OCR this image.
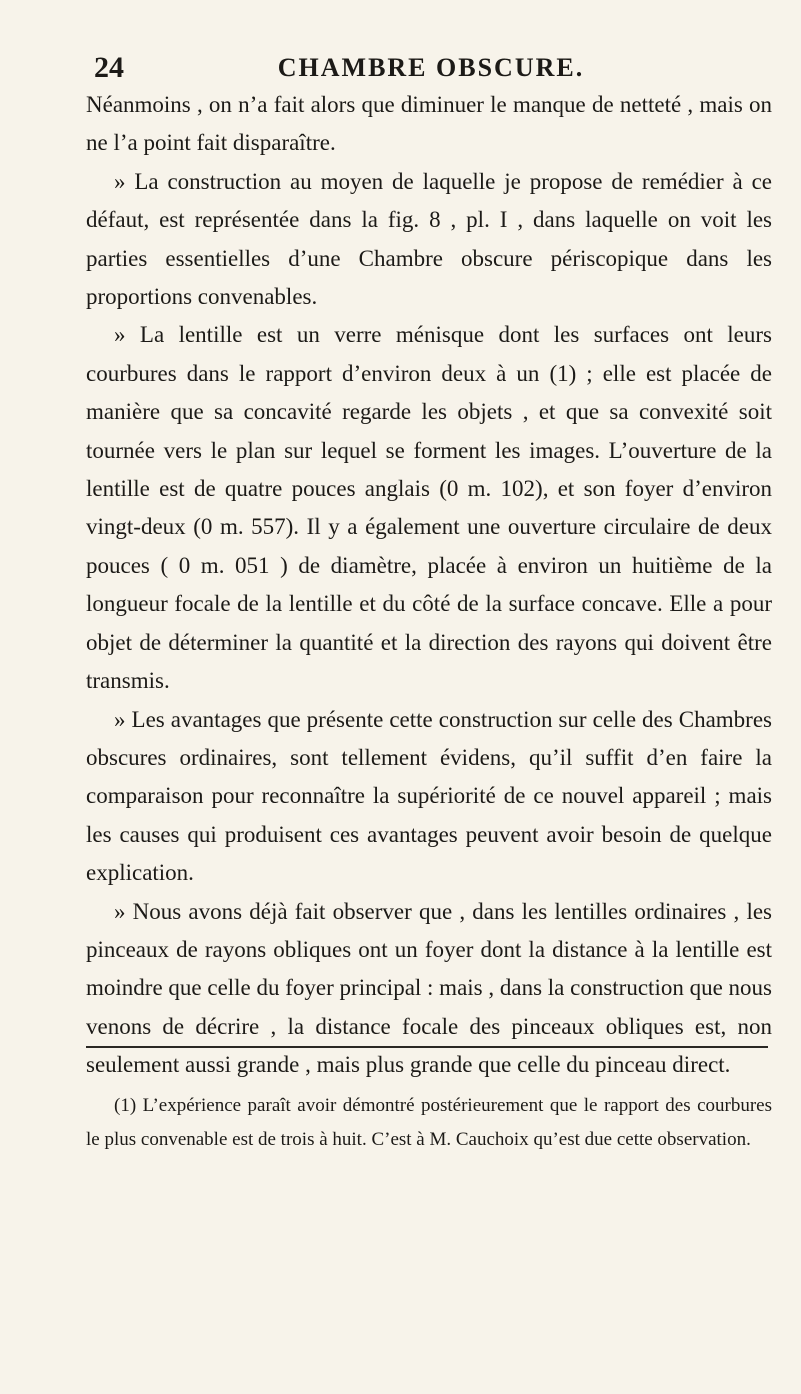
24	CHAMBRE OBSCURE.

Néanmoins , on n’a fait alors que diminuer le manque de netteté , mais on ne l’a point fait disparaître.

» La construction au moyen de laquelle je propose de remédier à ce défaut, est représentée dans la fig. 8 , pl. I , dans laquelle on voit les parties essentielles d’une Chambre obscure périscopique dans les proportions convenables.

» La lentille est un verre ménisque dont les surfaces ont leurs courbures dans le rapport d’environ deux à un (1) ; elle est placée de manière que sa concavité regarde les objets , et que sa convexité soit tournée vers le plan sur lequel se forment les images. L’ouverture de la lentille est de quatre pouces anglais (0 m. 102), et son foyer d’environ vingt-deux (0 m. 557). Il y a également une ouverture circulaire de deux pouces ( 0 m. 051 ) de diamètre, placée à environ un huitième de la longueur focale de la lentille et du côté de la surface concave. Elle a pour objet de déterminer la quantité et la direction des rayons qui doivent être transmis.

» Les avantages que présente cette construction sur celle des Chambres obscures ordinaires, sont tellement évidens, qu’il suffit d’en faire la comparaison pour reconnaître la supériorité de ce nouvel appareil ; mais les causes qui produisent ces avantages peuvent avoir besoin de quelque explication.

» Nous avons déjà fait observer que , dans les lentilles ordinaires , les pinceaux de rayons obliques ont un foyer dont la distance à la lentille est moindre que celle du foyer principal : mais , dans la construction que nous venons de décrire , la distance focale des pinceaux obliques est, non seulement aussi grande , mais plus grande que celle du pinceau direct.

(1) L’expérience paraît avoir démontré postérieurement que le rapport des courbures le plus convenable est de trois à huit. C’est à M. Cauchoix qu’est due cette observation.
